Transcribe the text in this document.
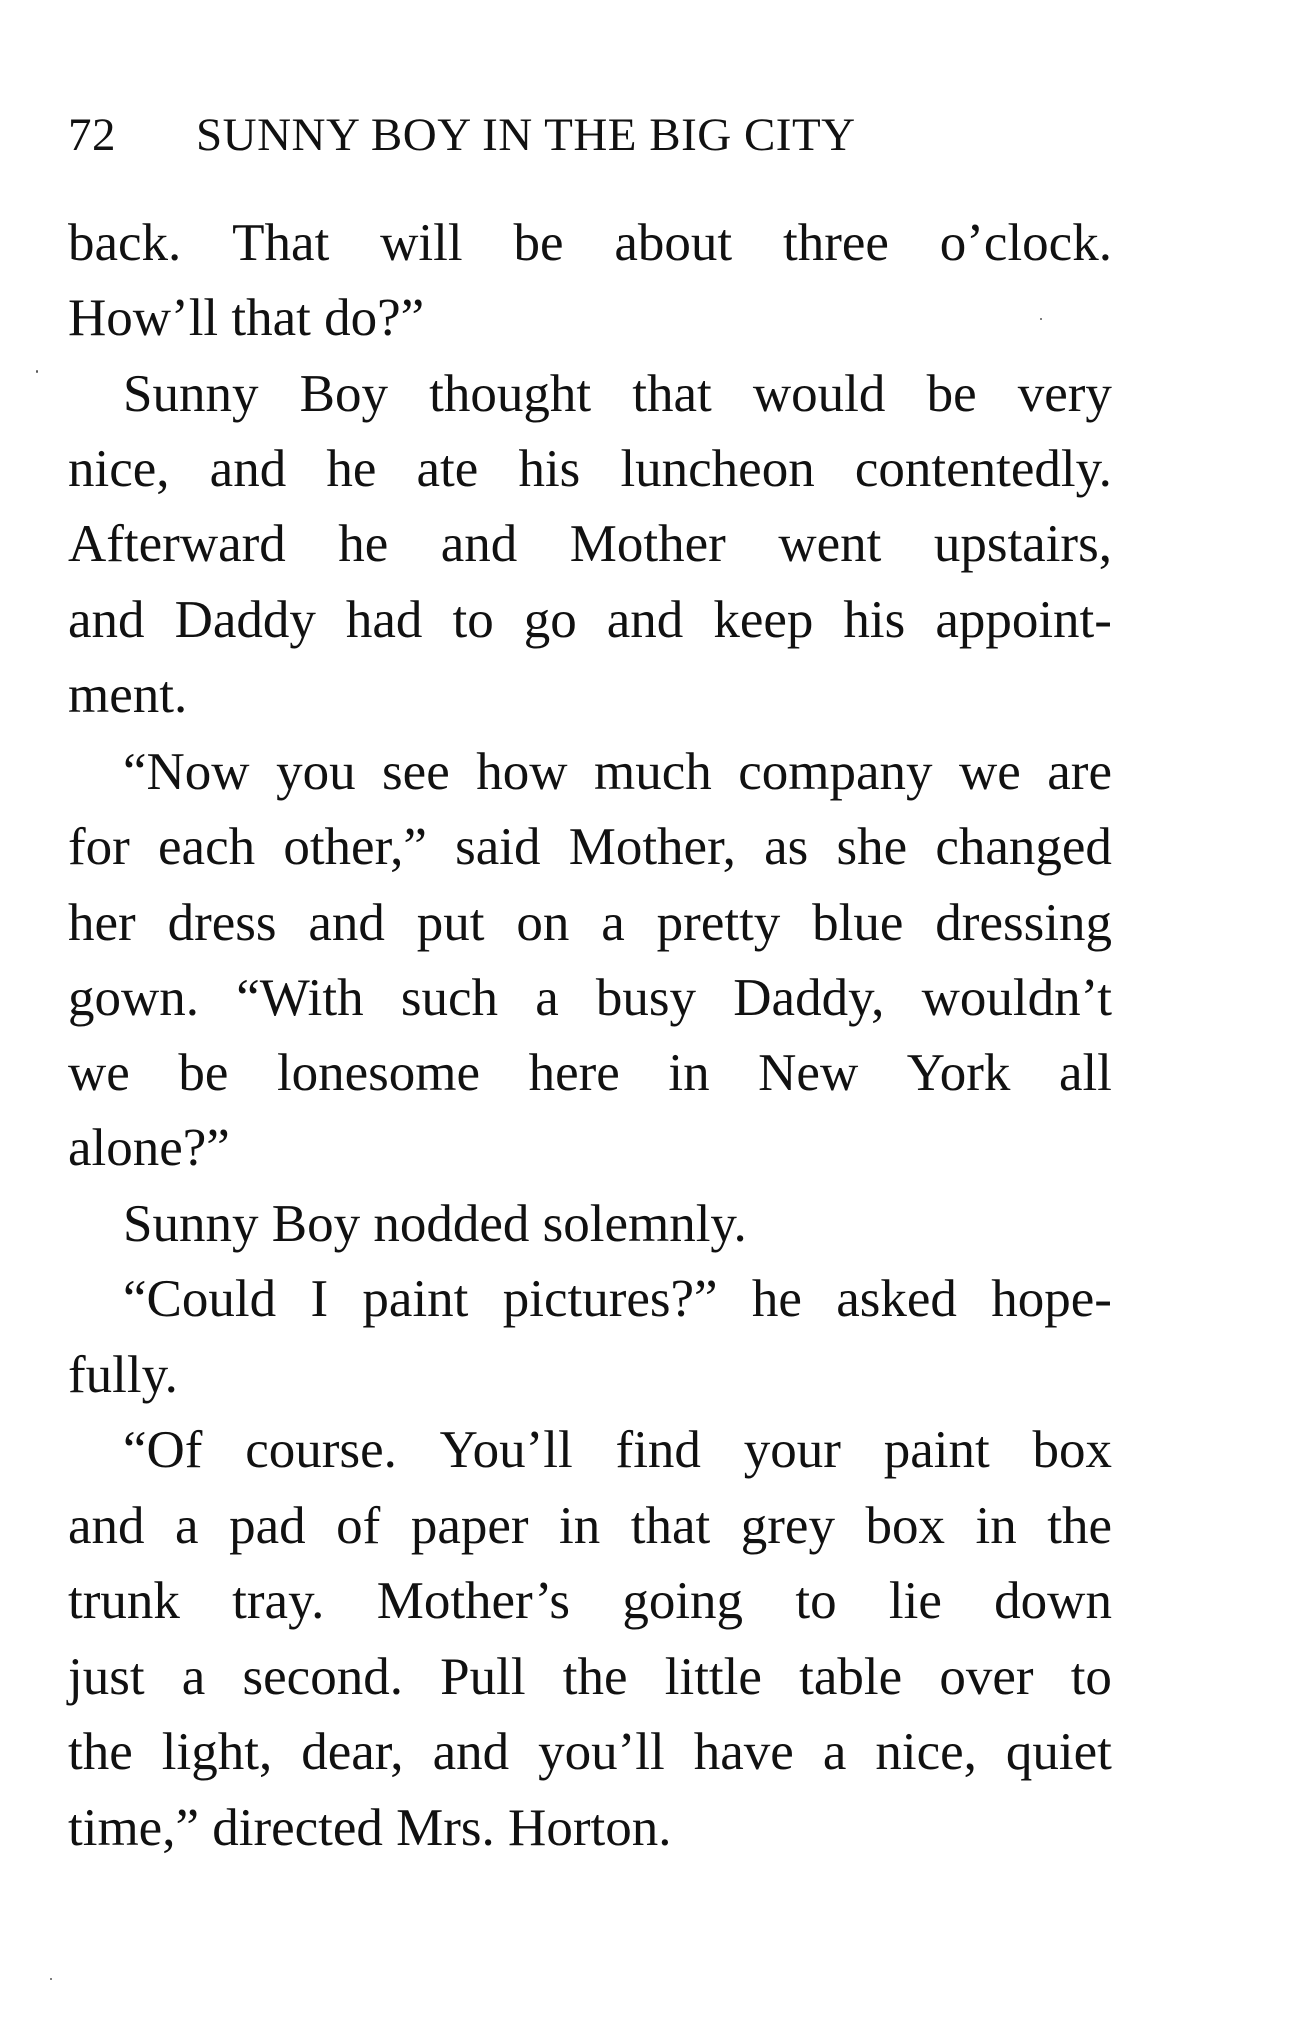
72 SUNNY BOY IN THE BIG CITY
back. That will be about three o’clock.
How’ll that do?”
Sunny Boy thought that would be very
nice, and he ate his luncheon contentedly.
Afterward he and Mother went upstairs,
and Daddy had to go and keep his appoint-
ment.
“Now you see how much company we are
for each other,” said Mother, as she changed
her dress and put on a pretty blue dressing
gown. “With such a busy Daddy, wouldn’t
we be lonesome here in New York all
alone?”
Sunny Boy nodded solemnly.
“Could I paint pictures?” he asked hope-
fully.
“Of course. You’ll find your paint box
and a pad of paper in that grey box in the
trunk tray. Mother’s going to lie down
just a second. Pull the little table over to
the light, dear, and you’ll have a nice, quiet
time,” directed Mrs. Horton.
